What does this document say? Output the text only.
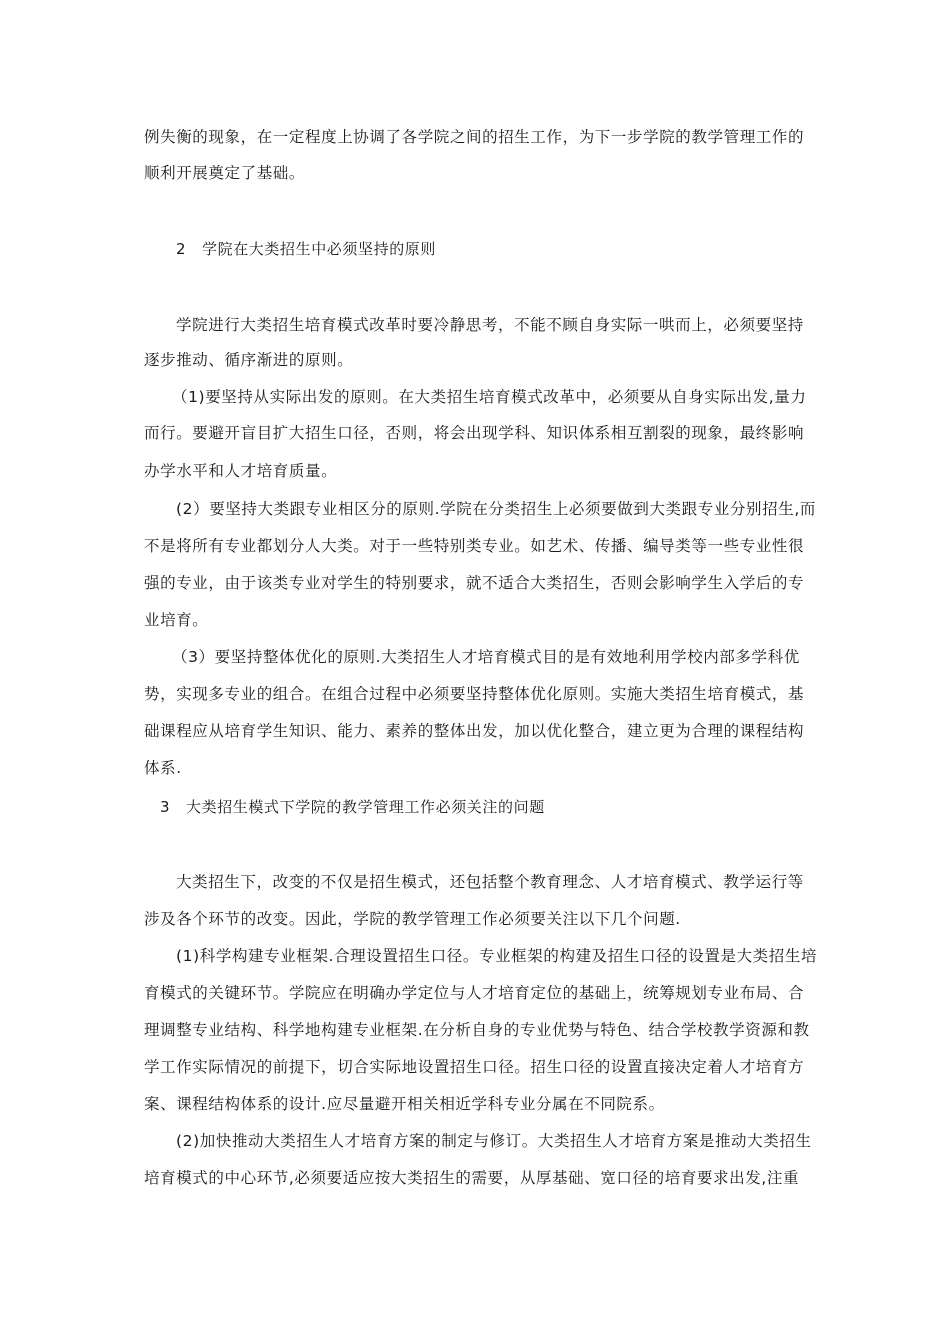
例失衡的现象，在一定程度上协调了各学院之间的招生工作，为下一步学院的教学管理工作的
顺利开展奠定了基础。
2 学院在大类招生中必须坚持的原则
学院进行大类招生培育模式改革时要冷静思考，不能不顾自身实际一哄而上，必须要坚持
逐步推动、循序渐进的原则。
（1)要坚持从实际出发的原则。在大类招生培育模式改革中，必须要从自身实际出发,量力
而行。要避开盲目扩大招生口径，否则，将会出现学科、知识体系相互割裂的现象，最终影响
办学水平和人才培育质量。
(2）要坚持大类跟专业相区分的原则.学院在分类招生上必须要做到大类跟专业分别招生,而
不是将所有专业都划分人大类。对于一些特别类专业。如艺术、传播、编导类等一些专业性很
强的专业，由于该类专业对学生的特别要求，就不适合大类招生，否则会影响学生入学后的专
业培育。
（3）要坚持整体优化的原则.大类招生人才培育模式目的是有效地利用学校内部多学科优
势，实现多专业的组合。在组合过程中必须要坚持整体优化原则。实施大类招生培育模式，基
础课程应从培育学生知识、能力、素养的整体出发，加以优化整合，建立更为合理的课程结构
体系.
3 大类招生模式下学院的教学管理工作必须关注的问题
大类招生下，改变的不仅是招生模式，还包括整个教育理念、人才培育模式、教学运行等
涉及各个环节的改变。因此，学院的教学管理工作必须要关注以下几个问题.
(1)科学构建专业框架.合理设置招生口径。专业框架的构建及招生口径的设置是大类招生培
育模式的关键环节。学院应在明确办学定位与人才培育定位的基础上，统筹规划专业布局、合
理调整专业结构、科学地构建专业框架.在分析自身的专业优势与特色、结合学校教学资源和教
学工作实际情况的前提下，切合实际地设置招生口径。招生口径的设置直接决定着人才培育方
案、课程结构体系的设计.应尽量避开相关相近学科专业分属在不同院系。
(2)加快推动大类招生人才培育方案的制定与修订。大类招生人才培育方案是推动大类招生
培育模式的中心环节,必须要适应按大类招生的需要，从厚基础、宽口径的培育要求出发,注重
